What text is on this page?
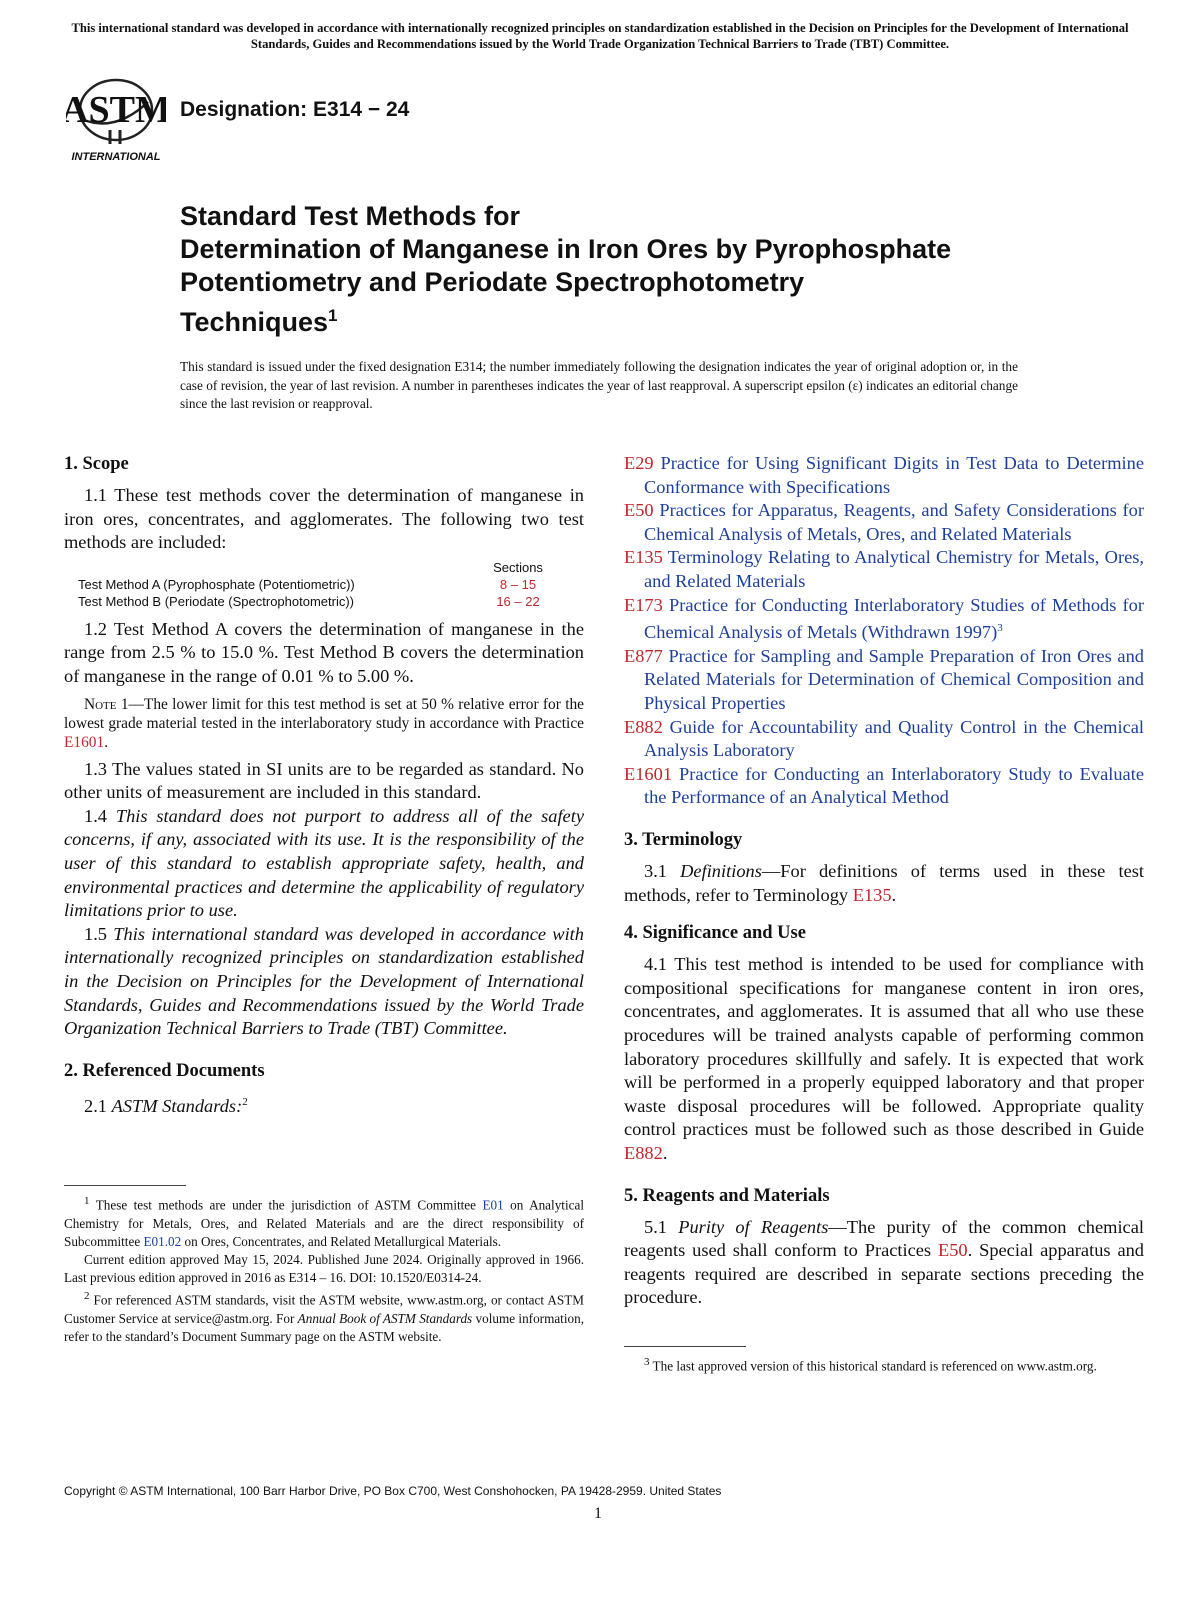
This international standard was developed in accordance with internationally recognized principles on standardization established in the Decision on Principles for the Development of International Standards, Guides and Recommendations issued by the World Trade Organization Technical Barriers to Trade (TBT) Committee.
ASTM
INTERNATIONAL
Designation: E314 − 24
Standard Test Methods for
Determination of Manganese in Iron Ores by Pyrophosphate
Potentiometry and Periodate Spectrophotometry
Techniques$^1$
This standard is issued under the fixed designation E314; the number immediately following the designation indicates the year of original adoption or, in the case of revision, the year of last revision. A number in parentheses indicates the year of last reapproval. A superscript epsilon (ε) indicates an editorial change since the last revision or reapproval.
1. Scope

1.1 These test methods cover the determination of manganese in iron ores, concentrates, and agglomerates. The following two test methods are included:

Sections
Test Method A (Pyrophosphate (Potentiometric))	8 – 15
Test Method B (Periodate (Spectrophotometric))	16 – 22

1.2 Test Method A covers the determination of manganese in the range from 2.5 % to 15.0 %. Test Method B covers the determination of manganese in the range of 0.01 % to 5.00 %.

Note 1—The lower limit for this test method is set at 50 % relative error for the lowest grade material tested in the interlaboratory study in accordance with Practice E1601.

1.3 The values stated in SI units are to be regarded as standard. No other units of measurement are included in this standard.

1.4 This standard does not purport to address all of the safety concerns, if any, associated with its use. It is the responsibility of the user of this standard to establish appropriate safety, health, and environmental practices and determine the applicability of regulatory limitations prior to use.

1.5 This international standard was developed in accordance with internationally recognized principles on standardization established in the Decision on Principles for the Development of International Standards, Guides and Recommendations issued by the World Trade Organization Technical Barriers to Trade (TBT) Committee.

2. Referenced Documents

2.1 ASTM Standards:$^2$

E29 Practice for Using Significant Digits in Test Data to Determine Conformance with Specifications

E50 Practices for Apparatus, Reagents, and Safety Considerations for Chemical Analysis of Metals, Ores, and Related Materials

E135 Terminology Relating to Analytical Chemistry for Metals, Ores, and Related Materials

E173 Practice for Conducting Interlaboratory Studies of Methods for Chemical Analysis of Metals (Withdrawn 1997)$^3$

E877 Practice for Sampling and Sample Preparation of Iron Ores and Related Materials for Determination of Chemical Composition and Physical Properties

E882 Guide for Accountability and Quality Control in the Chemical Analysis Laboratory

E1601 Practice for Conducting an Interlaboratory Study to Evaluate the Performance of an Analytical Method

3. Terminology

3.1 Definitions—For definitions of terms used in these test methods, refer to Terminology E135.

4. Significance and Use

4.1 This test method is intended to be used for compliance with compositional specifications for manganese content in iron ores, concentrates, and agglomerates. It is assumed that all who use these procedures will be trained analysts capable of performing common laboratory procedures skillfully and safely. It is expected that work will be performed in a properly equipped laboratory and that proper waste disposal procedures will be followed. Appropriate quality control practices must be followed such as those described in Guide E882.

5. Reagents and Materials

5.1 Purity of Reagents—The purity of the common chemical reagents used shall conform to Practices E50. Special apparatus and reagents required are described in separate sections preceding the procedure.

$^1$ These test methods are under the jurisdiction of ASTM Committee E01 on Analytical Chemistry for Metals, Ores, and Related Materials and are the direct responsibility of Subcommittee E01.02 on Ores, Concentrates, and Related Metallurgical Materials.

Current edition approved May 15, 2024. Published June 2024. Originally approved in 1966. Last previous edition approved in 2016 as E314 – 16. DOI: 10.1520/E0314-24.

$^2$ For referenced ASTM standards, visit the ASTM website, www.astm.org, or contact ASTM Customer Service at service@astm.org. For Annual Book of ASTM Standards volume information, refer to the standard’s Document Summary page on the ASTM website.

$^3$ The last approved version of this historical standard is referenced on www.astm.org.

Copyright © ASTM International, 100 Barr Harbor Drive, PO Box C700, West Conshohocken, PA 19428-2959. United States
1
